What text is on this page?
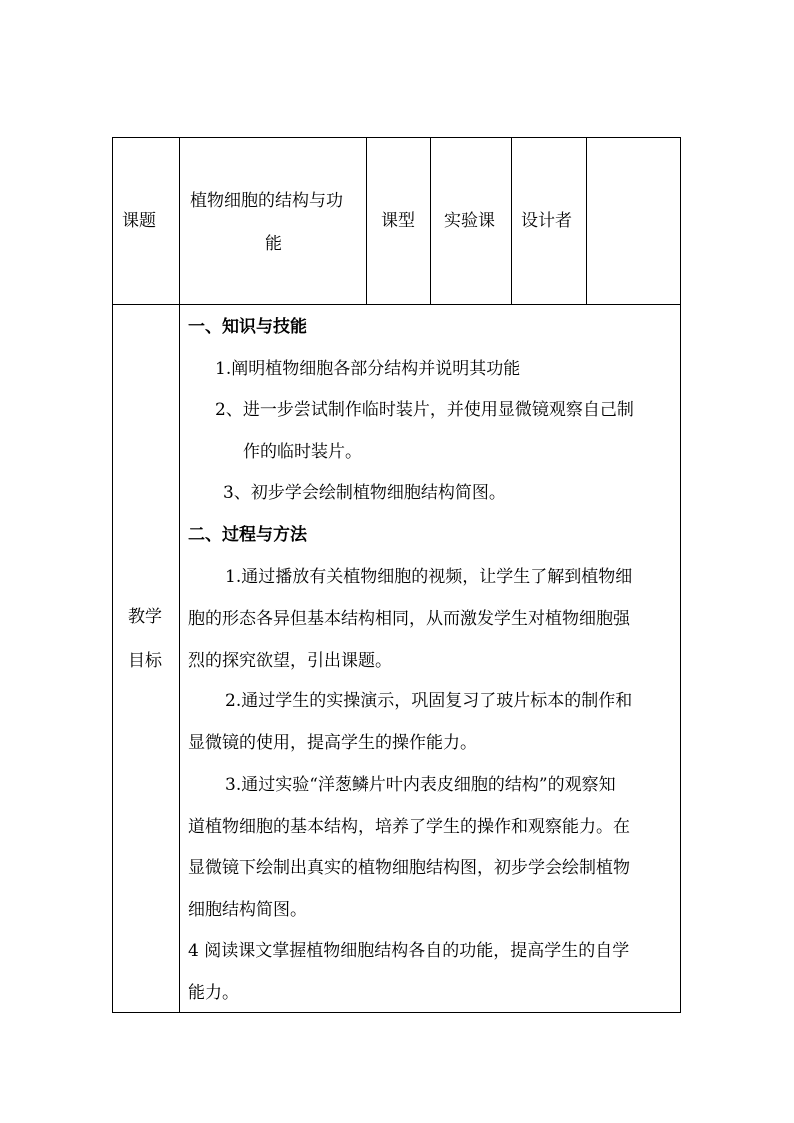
课题
植物细胞的结构与功
能
课型 实验课 设计者
教学
目标
一、知识与技能
1.阐明植物细胞各部分结构并说明其功能
2、进一步尝试制作临时装片，并使用显微镜观察自己制
作的临时装片。
3、初步学会绘制植物细胞结构简图。
二、过程与方法
1.通过播放有关植物细胞的视频，让学生了解到植物细
胞的形态各异但基本结构相同，从而激发学生对植物细胞强
烈的探究欲望，引出课题。
2.通过学生的实操演示，巩固复习了玻片标本的制作和
显微镜的使用，提高学生的操作能力。
3.通过实验“洋葱鳞片叶内表皮细胞的结构”的观察知
道植物细胞的基本结构，培养了学生的操作和观察能力。在
显微镜下绘制出真实的植物细胞结构图，初步学会绘制植物
细胞结构简图。
4 阅读课文掌握植物细胞结构各自的功能，提高学生的自学
能力。
